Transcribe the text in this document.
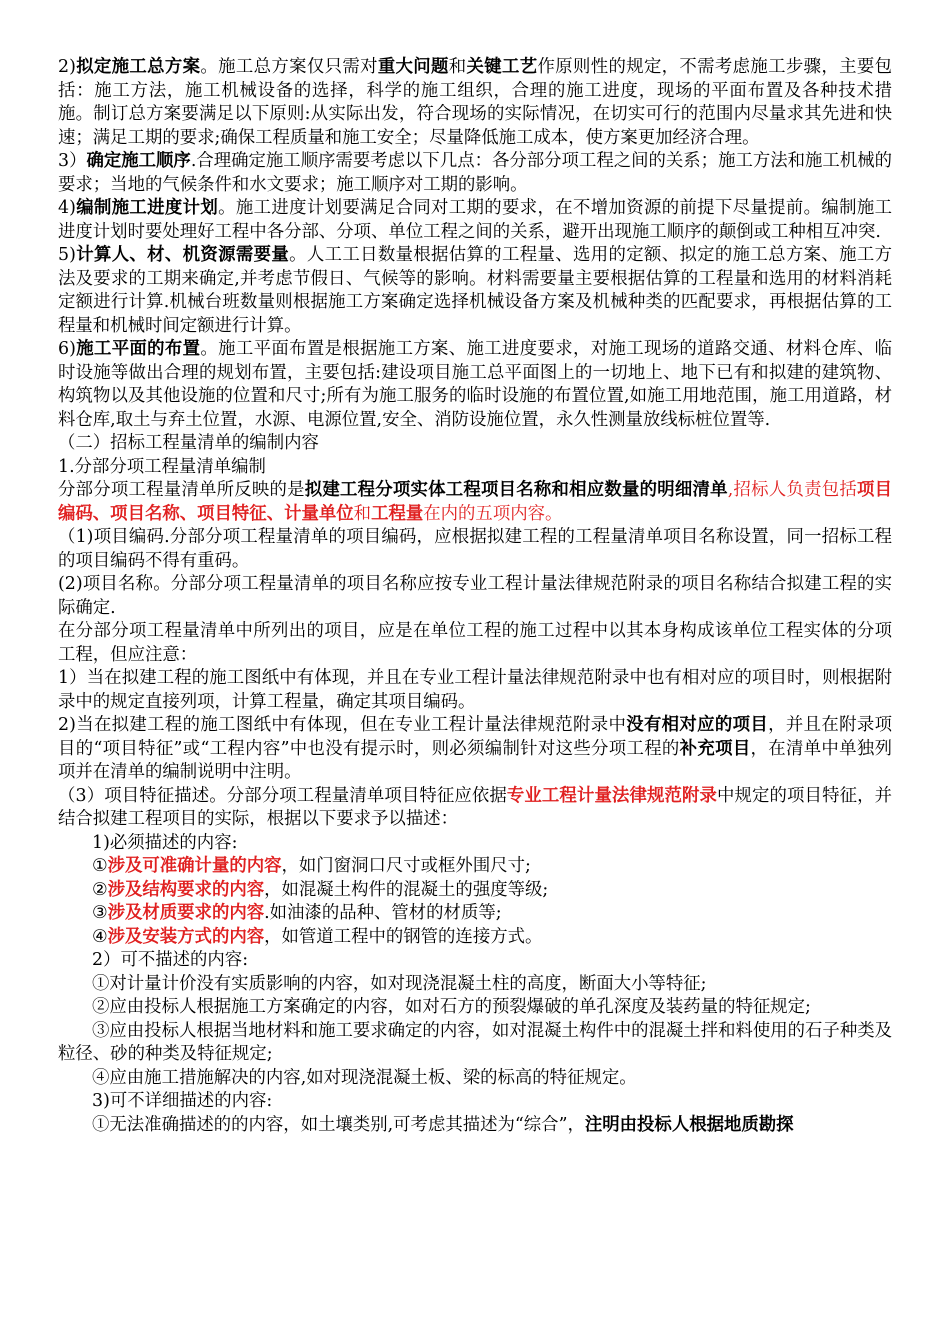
2)拟定施工总方案。施工总方案仅只需对重大问题和关键工艺作原则性的规定，不需考虑施工步骤，主要包括：施工方法，施工机械设备的选择，科学的施工组织，合理的施工进度，现场的平面布置及各种技术措施。制订总方案要满足以下原则:从实际出发，符合现场的实际情况，在切实可行的范围内尽量求其先进和快速；满足工期的要求;确保工程质量和施工安全；尽量降低施工成本，使方案更加经济合理。

3）确定施工顺序.合理确定施工顺序需要考虑以下几点：各分部分项工程之间的关系；施工方法和施工机械的要求；当地的气候条件和水文要求；施工顺序对工期的影响。

4)编制施工进度计划。施工进度计划要满足合同对工期的要求，在不增加资源的前提下尽量提前。编制施工进度计划时要处理好工程中各分部、分项、单位工程之间的关系，避开出现施工顺序的颠倒或工种相互冲突.

5)计算人、材、机资源需要量。人工工日数量根据估算的工程量、选用的定额、拟定的施工总方案、施工方法及要求的工期来确定,并考虑节假日、气候等的影响。材料需要量主要根据估算的工程量和选用的材料消耗定额进行计算.机械台班数量则根据施工方案确定选择机械设备方案及机械种类的匹配要求，再根据估算的工程量和机械时间定额进行计算。

6)施工平面的布置。施工平面布置是根据施工方案、施工进度要求，对施工现场的道路交通、材料仓库、临时设施等做出合理的规划布置，主要包括:建设项目施工总平面图上的一切地上、地下已有和拟建的建筑物、构筑物以及其他设施的位置和尺寸;所有为施工服务的临时设施的布置位置,如施工用地范围，施工用道路，材料仓库,取土与弃土位置，水源、电源位置,安全、消防设施位置，永久性测量放线标桩位置等.

（二）招标工程量清单的编制内容

1.分部分项工程量清单编制

分部分项工程量清单所反映的是拟建工程分项实体工程项目名称和相应数量的明细清单,招标人负责包括项目编码、项目名称、项目特征、计量单位和工程量在内的五项内容。

（1)项目编码.分部分项工程量清单的项目编码，应根据拟建工程的工程量清单项目名称设置，同一招标工程的项目编码不得有重码。

(2)项目名称。分部分项工程量清单的项目名称应按专业工程计量法律规范附录的项目名称结合拟建工程的实际确定.

在分部分项工程量清单中所列出的项目，应是在单位工程的施工过程中以其本身构成该单位工程实体的分项工程，但应注意：

1）当在拟建工程的施工图纸中有体现，并且在专业工程计量法律规范附录中也有相对应的项目时，则根据附录中的规定直接列项，计算工程量，确定其项目编码。

2)当在拟建工程的施工图纸中有体现，但在专业工程计量法律规范附录中没有相对应的项目，并且在附录项目的“项目特征”或“工程内容”中也没有提示时，则必须编制针对这些分项工程的补充项目，在清单中单独列项并在清单的编制说明中注明。

（3）项目特征描述。分部分项工程量清单项目特征应依据专业工程计量法律规范附录中规定的项目特征，并结合拟建工程项目的实际，根据以下要求予以描述：

1)必须描述的内容:

①涉及可准确计量的内容，如门窗洞口尺寸或框外围尺寸;

②涉及结构要求的内容，如混凝土构件的混凝土的强度等级;

③涉及材质要求的内容.如油漆的品种、管材的材质等;

④涉及安装方式的内容，如管道工程中的钢管的连接方式。

2）可不描述的内容:

①对计量计价没有实质影响的内容，如对现浇混凝土柱的高度，断面大小等特征;

②应由投标人根据施工方案确定的内容，如对石方的预裂爆破的单孔深度及装药量的特征规定;

③应由投标人根据当地材料和施工要求确定的内容，如对混凝土构件中的混凝土拌和料使用的石子种类及粒径、砂的种类及特征规定;

④应由施工措施解决的内容,如对现浇混凝土板、梁的标高的特征规定。

3)可不详细描述的内容:

①无法准确描述的的内容，如土壤类别,可考虑其描述为“综合”，注明由投标人根据地质勘探
